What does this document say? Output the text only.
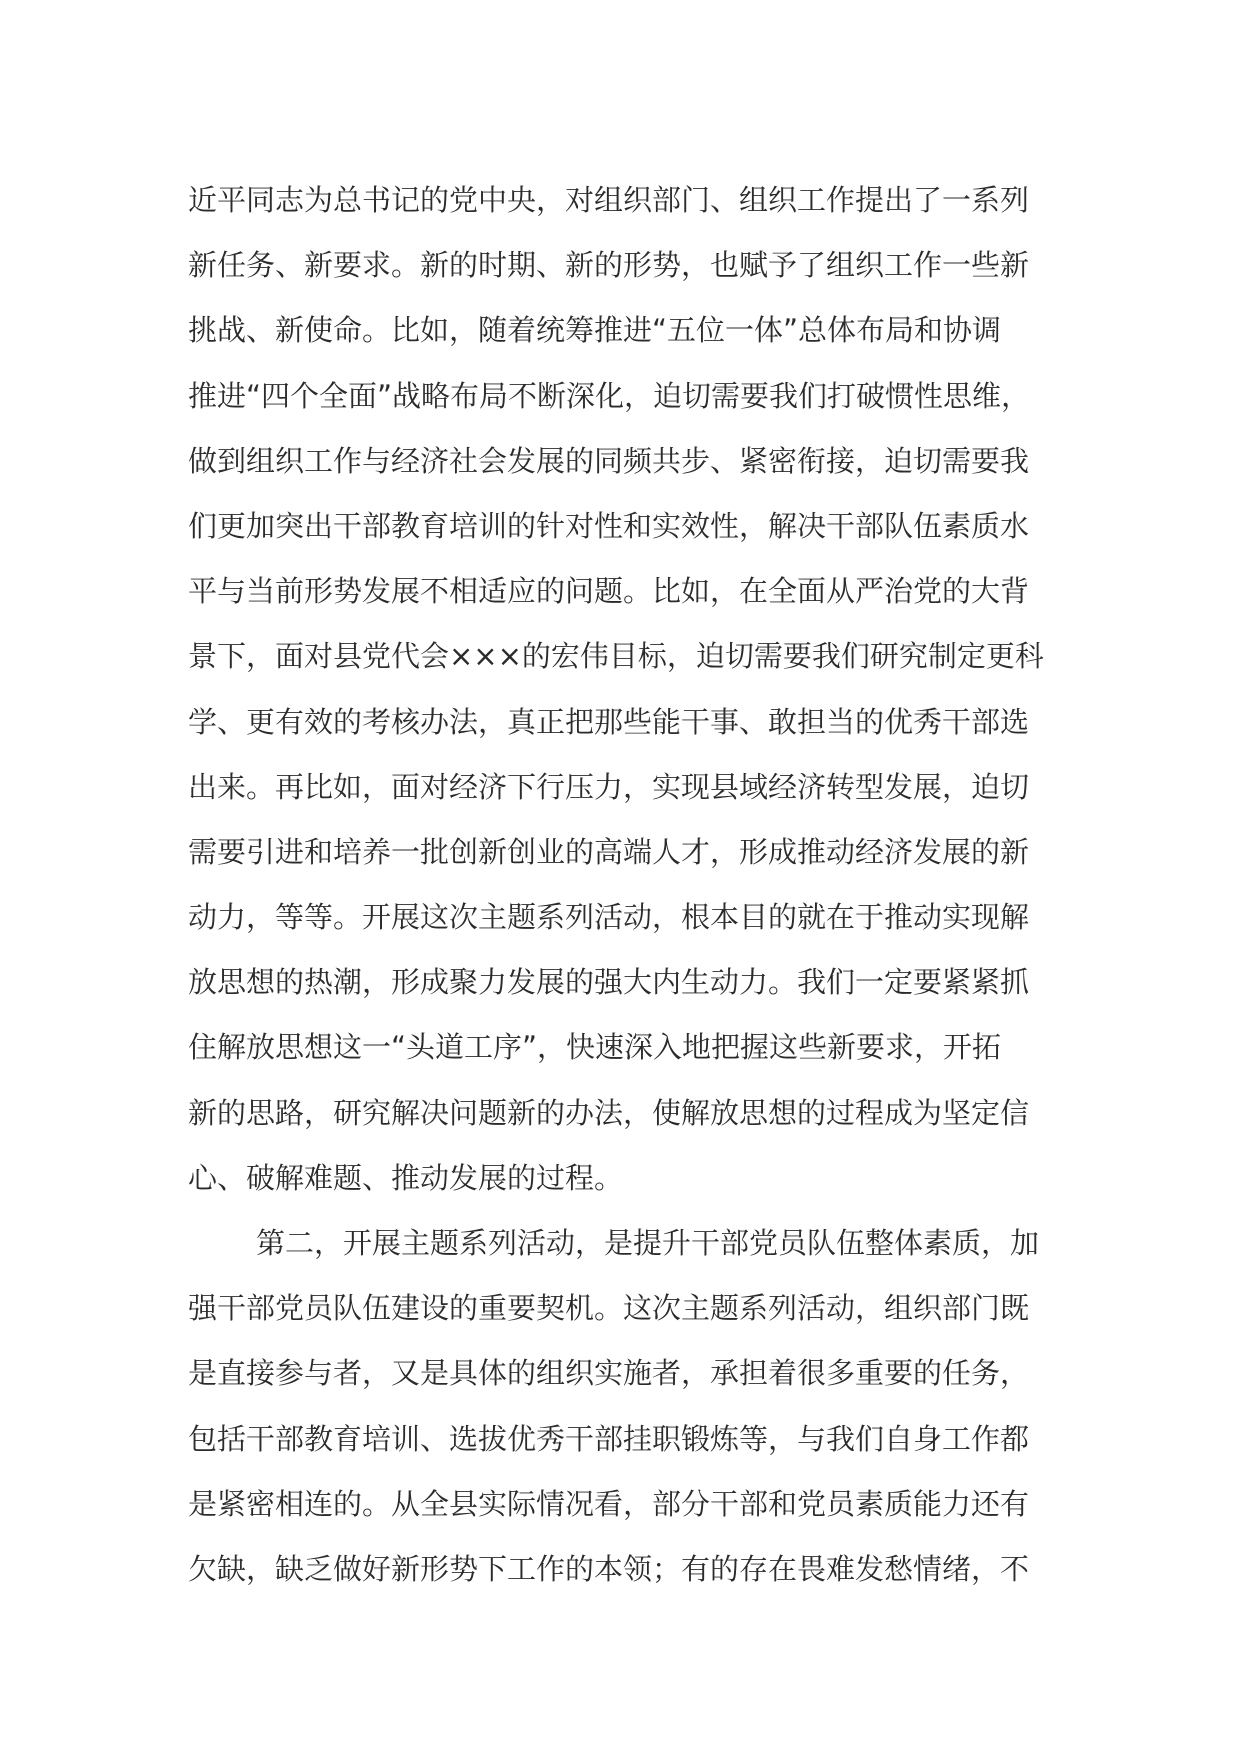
近平同志为总书记的党中央，对组织部门、组织工作提出了一系列
新任务、新要求。新的时期、新的形势，也赋予了组织工作一些新
挑战、新使命。比如，随着统筹推进“五位一体”总体布局和协调
推进“四个全面”战略布局不断深化，迫切需要我们打破惯性思维，
做到组织工作与经济社会发展的同频共步、紧密衔接，迫切需要我
们更加突出干部教育培训的针对性和实效性，解决干部队伍素质水
平与当前形势发展不相适应的问题。比如，在全面从严治党的大背
景下，面对县党代会×××的宏伟目标，迫切需要我们研究制定更科
学、更有效的考核办法，真正把那些能干事、敢担当的优秀干部选
出来。再比如，面对经济下行压力，实现县域经济转型发展，迫切
需要引进和培养一批创新创业的高端人才，形成推动经济发展的新
动力，等等。开展这次主题系列活动，根本目的就在于推动实现解
放思想的热潮，形成聚力发展的强大内生动力。我们一定要紧紧抓
住解放思想这一“头道工序”，快速深入地把握这些新要求，开拓
新的思路，研究解决问题新的办法，使解放思想的过程成为坚定信
心、破解难题、推动发展的过程。
第二，开展主题系列活动，是提升干部党员队伍整体素质，加
强干部党员队伍建设的重要契机。这次主题系列活动，组织部门既
是直接参与者，又是具体的组织实施者，承担着很多重要的任务，
包括干部教育培训、选拔优秀干部挂职锻炼等，与我们自身工作都
是紧密相连的。从全县实际情况看，部分干部和党员素质能力还有
欠缺，缺乏做好新形势下工作的本领；有的存在畏难发愁情绪，不
